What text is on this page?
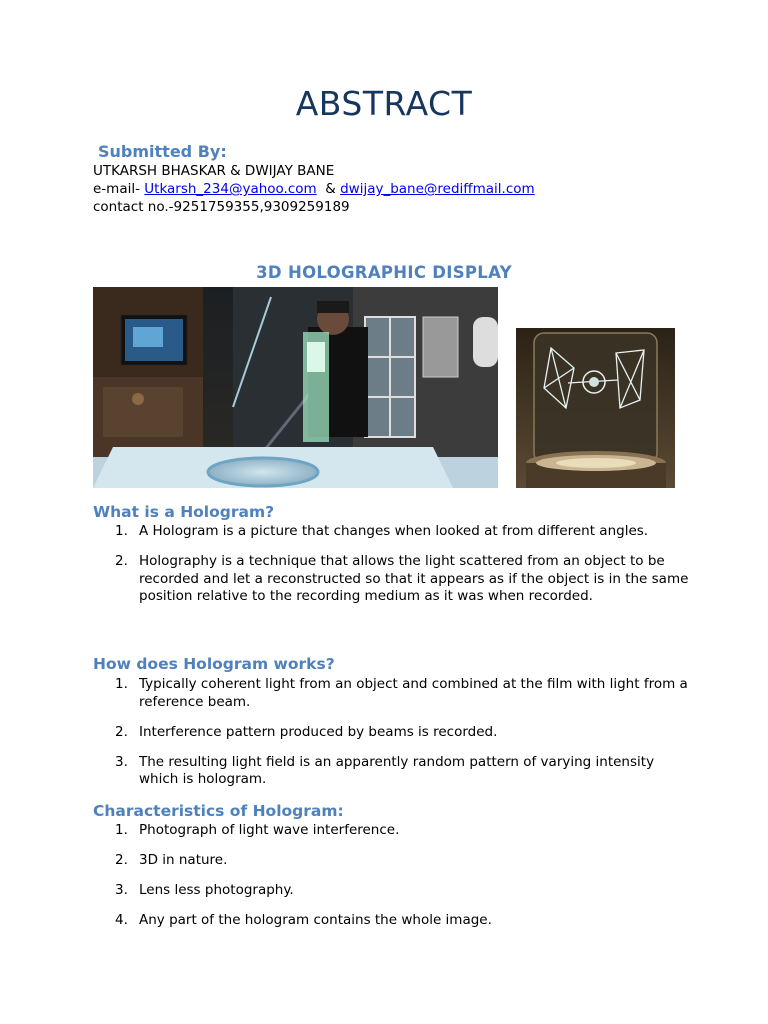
ABSTRACT
Submitted By:
UTKARSH BHASKAR & DWIJAY BANE
e-mail- Utkarsh_234@yahoo.com  & dwijay_bane@rediffmail.com
contact no.-9251759355,9309259189
3D HOLOGRAPHIC DISPLAY
What is a Hologram?
1. A Hologram is a picture that changes when looked at from different angles.
2. Holography is a technique that allows the light scattered from an object to be recorded and let a reconstructed so that it appears as if the object is in the same position relative to the recording medium as it was when recorded.
How does Hologram works?
1. Typically coherent light from an object and combined at the film with light from a reference beam.
2. Interference pattern produced by beams is recorded.
3. The resulting light field is an apparently random pattern of varying intensity which is hologram.
Characteristics of Hologram:
1. Photograph of light wave interference.
2. 3D in nature.
3. Lens less photography.
4. Any part of the hologram contains the whole image.
